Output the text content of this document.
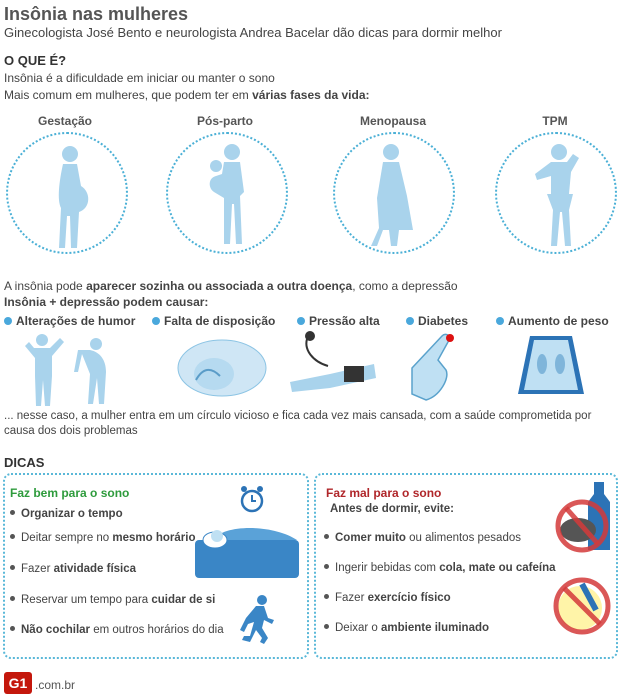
Insônia nas mulheres
Ginecologista José Bento e neurologista Andrea Bacelar dão dicas para dormir melhor
O QUE É?
Insônia é a dificuldade em iniciar ou manter o sono
Mais comum em mulheres, que podem ter em várias fases da vida:
Gestação	Pós-parto	Menopausa	TPM
A insônia pode aparecer sozinha ou associada a outra doença, como a depressão
Insônia + depressão podem causar:
Alterações de humor	Falta de disposição	Pressão alta	Diabetes	Aumento de peso
... nesse caso, a mulher entra em um círculo vicioso e fica cada vez mais cansada, com a saúde comprometida por
causa dos dois problemas
DICAS
Faz bem para o sono
Organizar o tempo
Deitar sempre no mesmo horário
Fazer atividade física
Reservar um tempo para cuidar de si
Não cochilar em outros horários do dia
Faz mal para o sono
Antes de dormir, evite:
Comer muito ou alimentos pesados
Ingerir bebidas com cola, mate ou cafeína
Fazer exercício físico
Deixar o ambiente iluminado
G1 .com.br
